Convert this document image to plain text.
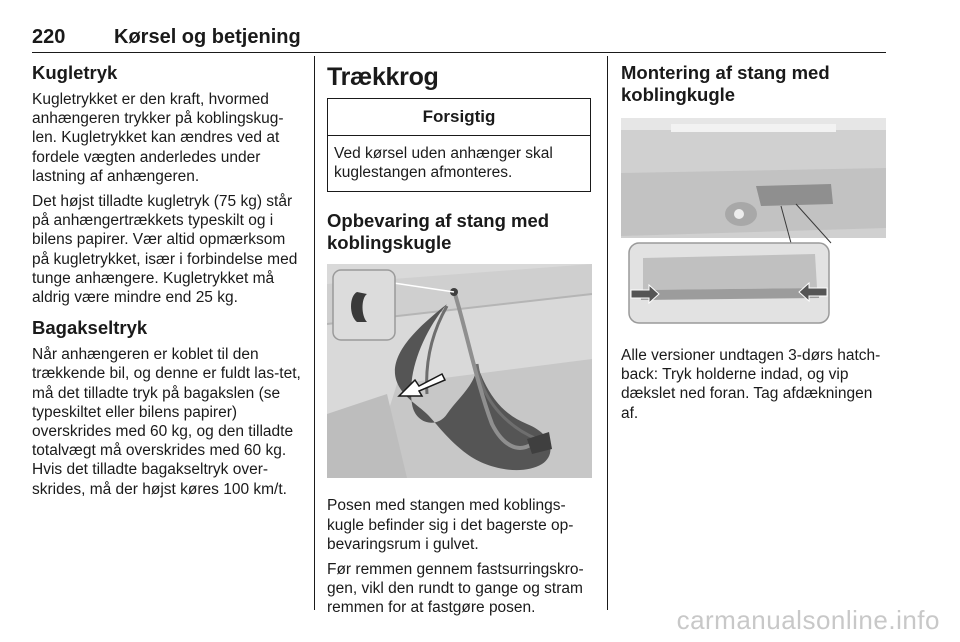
220 Kørsel og betjening
Kugletryk

Kugletrykket er den kraft, hvormed anhængeren trykker på koblingskug-len. Kugletrykket kan ændres ved at fordele vægten anderledes under lastning af anhængeren.

Det højst tilladte kugletryk (75 kg) står på anhængertrækkets typeskilt og i bilens papirer. Vær altid opmærksom på kugletrykket, især i forbindelse med tunge anhængere. Kugletrykket må aldrig være mindre end 25 kg.

Bagakseltryk

Når anhængeren er koblet til den trækkende bil, og denne er fuldt las-tet, må det tilladte tryk på bagakslen (se typeskiltet eller bilens papirer) overskrides med 60 kg, og den tilladte totalvægt må overskrides med 60 kg. Hvis det tilladte bagakseltryk over-skrides, må der højst køres 100 km/t.

Trækkrog
Forsigtig

Ved kørsel uden anhænger skal kuglestangen afmonteres.

Opbevaring af stang med koblingskugle

Posen med stangen med koblings-kugle befinder sig i det bagerste op-bevaringsrum i gulvet.

Før remmen gennem fastsurringskro-gen, vikl den rundt to gange og stram remmen for at fastgøre posen.

Montering af stang med koblingkugle

Alle versioner undtagen 3-dørs hatch-back: Tryk holderne indad, og vip dækslet ned foran. Tag afdækningen af.

carmanualsonline.info
